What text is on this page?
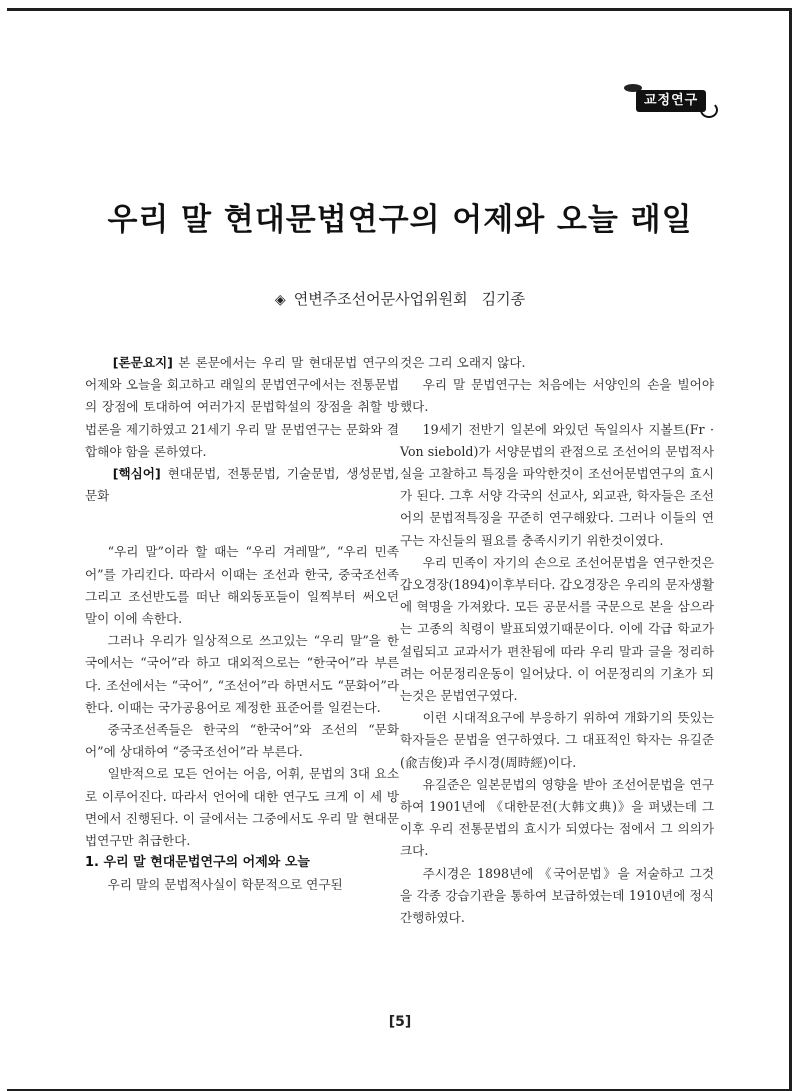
교정연구
우리 말 현대문법연구의 어제와 오늘 래일
◈ 연변주조선어문사업위원회 김기종

[론문요지] 본 론문에서는 우리 말 현대문법 연구의 어제와 오늘을 회고하고 래일의 문법연구에서는 전통문법의 장점에 토대하여 여러가지 문법학설의 장점을 취할 방법론을 제기하였고 21세기 우리 말 문법연구는 문화와 결합해야 함을 론하였다.

[핵심어] 현대문법, 전통문법, 기술문법, 생성문법, 문화

“우리 말”이라 할 때는 “우리 겨레말”, “우리 민족어”를 가리킨다. 따라서 이때는 조선과 한국, 중국조선족 그리고 조선반도를 떠난 해외동포들이 일찍부터 써오던 말이 이에 속한다.

그러나 우리가 일상적으로 쓰고있는 “우리 말”을 한국에서는 “국어”라 하고 대외적으로는 “한국어”라 부른다. 조선에서는 “국어”, “조선어”라 하면서도 “문화어”라 한다. 이때는 국가공용어로 제정한 표준어를 일컫는다.

중국조선족들은 한국의 “한국어”와 조선의 “문화어”에 상대하여 “중국조선어”라 부른다.

일반적으로 모든 언어는 어음, 어휘, 문법의 3대 요소로 이루어진다. 따라서 언어에 대한 연구도 크게 이 세 방면에서 진행된다. 이 글에서는 그중에서도 우리 말 현대문법연구만 취급한다.

1. 우리 말 현대문법연구의 어제와 오늘

우리 말의 문법적사실이 학문적으로 연구된

것은 그리 오래지 않다.

우리 말 문법연구는 처음에는 서양인의 손을 빌어야 했다.

19세기 전반기 일본에 와있던 독일의사 지볼트(Fr · Von siebold)가 서양문법의 관점으로 조선어의 문법적사실을 고찰하고 특징을 파악한것이 조선어문법연구의 효시가 된다. 그후 서양 각국의 선교사, 외교관, 학자들은 조선어의 문법적특징을 꾸준히 연구해왔다. 그러나 이들의 연구는 자신들의 필요를 충족시키기 위한것이였다.

우리 민족이 자기의 손으로 조선어문법을 연구한것은 갑오경장(1894)이후부터다. 갑오경장은 우리의 문자생활에 혁명을 가져왔다. 모든 공문서를 국문으로 본을 삼으라는 고종의 칙령이 발표되였기때문이다. 이에 각급 학교가 설립되고 교과서가 편찬됨에 따라 우리 말과 글을 정리하려는 어문정리운동이 일어났다. 이 어문정리의 기초가 되는것은 문법연구였다.

이런 시대적요구에 부응하기 위하여 개화기의 뜻있는 학자들은 문법을 연구하였다. 그 대표적인 학자는 유길준(兪吉俊)과 주시경(周時經)이다.

유길준은 일본문법의 영향을 받아 조선어문법을 연구하여 1901년에 《대한문전(大韩文典)》을 펴냈는데 그이후 우리 전통문법의 효시가 되였다는 점에서 그 의의가 크다.

주시경은 1898년에 《국어문법》을 저술하고 그것을 각종 강습기관을 통하여 보급하였는데 1910년에 정식 간행하였다.

[5]
